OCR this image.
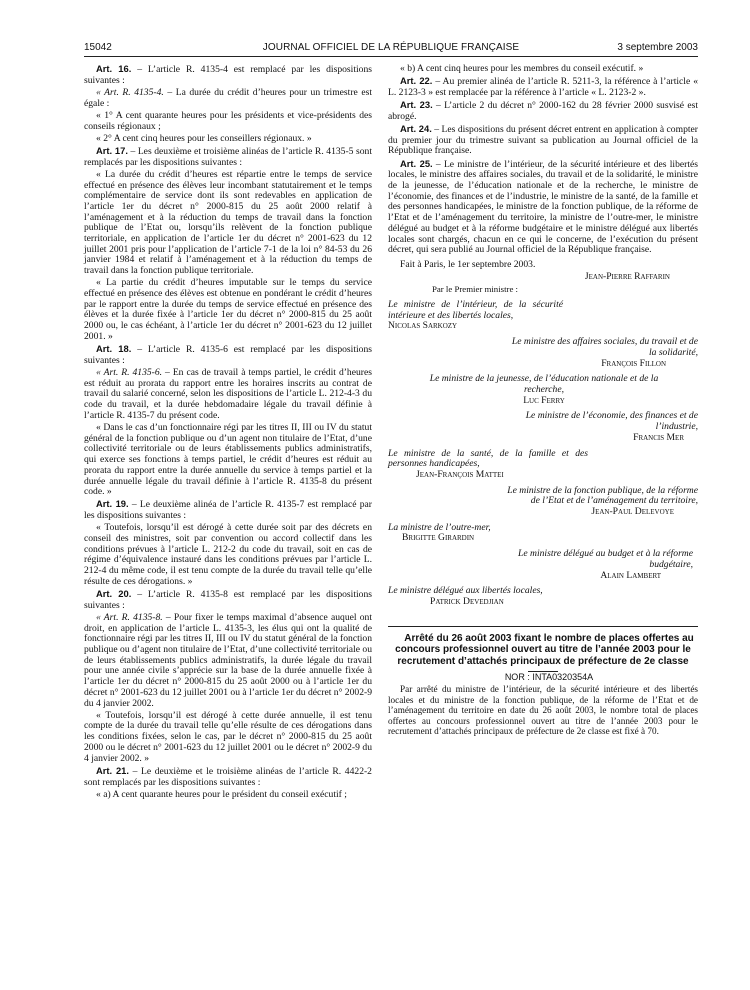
15042	JOURNAL OFFICIEL DE LA RÉPUBLIQUE FRANÇAISE	3 septembre 2003

Art. 16. – L’article R. 4135-4 est remplacé par les dispositions suivantes :

« Art. R. 4135-4. – La durée du crédit d’heures pour un trimestre est égale :

« 1° A cent quarante heures pour les présidents et vice-présidents des conseils régionaux ;

« 2° A cent cinq heures pour les conseillers régionaux. »

Art. 17. – Les deuxième et troisième alinéas de l’article R. 4135-5 sont remplacés par les dispositions suivantes :

« La durée du crédit d’heures est répartie entre le temps de service effectué en présence des élèves leur incombant statutairement et le temps complémentaire de service dont ils sont redevables en application de l’article 1er du décret n° 2000-815 du 25 août 2000 relatif à l’aménagement et à la réduction du temps de travail dans la fonction publique de l’Etat ou, lorsqu’ils relèvent de la fonction publique territoriale, en application de l’article 1er du décret n° 2001-623 du 12 juillet 2001 pris pour l’application de l’article 7-1 de la loi n° 84-53 du 26 janvier 1984 et relatif à l’aménagement et à la réduction du temps de travail dans la fonction publique territoriale.

« La partie du crédit d’heures imputable sur le temps du service effectué en présence des élèves est obtenue en pondérant le crédit d’heures par le rapport entre la durée du temps de service effectué en présence des élèves et la durée fixée à l’article 1er du décret n° 2000-815 du 25 août 2000 ou, le cas échéant, à l’article 1er du décret n° 2001-623 du 12 juillet 2001. »

Art. 18. – L’article R. 4135-6 est remplacé par les dispositions suivantes :

« Art. R. 4135-6. – En cas de travail à temps partiel, le crédit d’heures est réduit au prorata du rapport entre les horaires inscrits au contrat de travail du salarié concerné, selon les dispositions de l’article L. 212-4-3 du code du travail, et la durée hebdomadaire légale du travail définie à l’article R. 4135-7 du présent code.

« Dans le cas d’un fonctionnaire régi par les titres II, III ou IV du statut général de la fonction publique ou d’un agent non titulaire de l’Etat, d’une collectivité territoriale ou de leurs établissements publics administratifs, qui exerce ses fonctions à temps partiel, le crédit d’heures est réduit au prorata du rapport entre la durée annuelle du service à temps partiel et la durée annuelle légale du travail définie à l’article R. 4135-8 du présent code. »

Art. 19. – Le deuxième alinéa de l’article R. 4135-7 est remplacé par les dispositions suivantes :

« Toutefois, lorsqu’il est dérogé à cette durée soit par des décrets en conseil des ministres, soit par convention ou accord collectif dans les conditions prévues à l’article L. 212-2 du code du travail, soit en cas de régime d’équivalence instauré dans les conditions prévues par l’article L. 212-4 du même code, il est tenu compte de la durée du travail telle qu’elle résulte de ces dérogations. »

Art. 20. – L’article R. 4135-8 est remplacé par les dispositions suivantes :

« Art. R. 4135-8. – Pour fixer le temps maximal d’absence auquel ont droit, en application de l’article L. 4135-3, les élus qui ont la qualité de fonctionnaire régi par les titres II, III ou IV du statut général de la fonction publique ou d’agent non titulaire de l’Etat, d’une collectivité territoriale ou de leurs établissements publics administratifs, la durée légale du travail pour une année civile s’apprécie sur la base de la durée annuelle fixée à l’article 1er du décret n° 2000-815 du 25 août 2000 ou à l’article 1er du décret n° 2001-623 du 12 juillet 2001 ou à l’article 1er du décret n° 2002-9 du 4 janvier 2002.

« Toutefois, lorsqu’il est dérogé à cette durée annuelle, il est tenu compte de la durée du travail telle qu’elle résulte de ces dérogations dans les conditions fixées, selon le cas, par le décret n° 2000-815 du 25 août 2000 ou le décret n° 2001-623 du 12 juillet 2001 ou le décret n° 2002-9 du 4 janvier 2002. »

Art. 21. – Le deuxième et le troisième alinéas de l’article R. 4422-2 sont remplacés par les dispositions suivantes :

« a) A cent quarante heures pour le président du conseil exécutif ;

« b) A cent cinq heures pour les membres du conseil exécutif. »

Art. 22. – Au premier alinéa de l’article R. 5211-3, la référence à l’article « L. 2123-3 » est remplacée par la référence à l’article « L. 2123-2 ».

Art. 23. – L’article 2 du décret n° 2000-162 du 28 février 2000 susvisé est abrogé.

Art. 24. – Les dispositions du présent décret entrent en application à compter du premier jour du trimestre suivant sa publication au Journal officiel de la République française.

Art. 25. – Le ministre de l’intérieur, de la sécurité intérieure et des libertés locales, le ministre des affaires sociales, du travail et de la solidarité, le ministre de la jeunesse, de l’éducation nationale et de la recherche, le ministre de l’économie, des finances et de l’industrie, le ministre de la santé, de la famille et des personnes handicapées, le ministre de la fonction publique, de la réforme de l’Etat et de l’aménagement du territoire, la ministre de l’outre-mer, le ministre délégué au budget et à la réforme budgétaire et le ministre délégué aux libertés locales sont chargés, chacun en ce qui le concerne, de l’exécution du présent décret, qui sera publié au Journal officiel de la République française.

Fait à Paris, le 1er septembre 2003.

Jean-Pierre Raffarin

Par le Premier ministre :

Le ministre de l’intérieur, de la sécurité intérieure et des libertés locales,
Nicolas Sarkozy
Le ministre des affaires sociales, du travail et de la solidarité,
François Fillon
Le ministre de la jeunesse, de l’éducation nationale et de la recherche,
Luc Ferry
Le ministre de l’économie, des finances et de l’industrie,
Francis Mer
Le ministre de la santé, de la famille et des personnes handicapées,
Jean-François Mattei
Le ministre de la fonction publique, de la réforme de l’Etat et de l’aménagement du territoire,
Jean-Paul Delevoye
La ministre de l’outre-mer,
Brigitte Girardin
Le ministre délégué au budget et à la réforme budgétaire,
Alain Lambert
Le ministre délégué aux libertés locales,
Patrick Devedjian

Arrêté du 26 août 2003 fixant le nombre de places offertes au concours professionnel ouvert au titre de l’année 2003 pour le recrutement d’attachés principaux de préfecture de 2e classe

NOR : INTA0320354A

Par arrêté du ministre de l’intérieur, de la sécurité intérieure et des libertés locales et du ministre de la fonction publique, de la réforme de l’Etat et de l’aménagement du territoire en date du 26 août 2003, le nombre total de places offertes au concours professionnel ouvert au titre de l’année 2003 pour le recrutement d’attachés principaux de préfecture de 2e classe est fixé à 70.
